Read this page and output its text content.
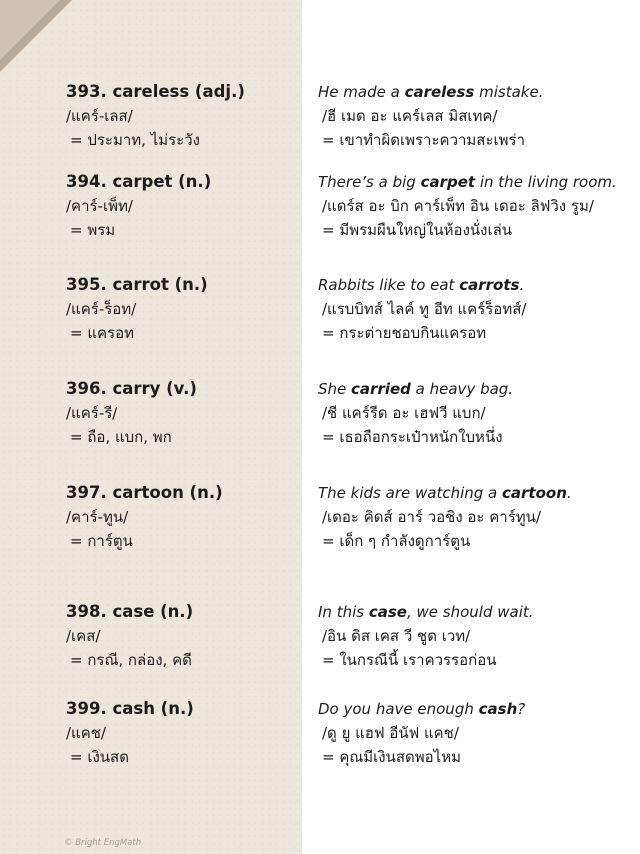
393. careless (adj.)
/แคร์-เลส/
= ประมาท, ไม่ระวัง
He made a careless mistake.
/ฮี เมด อะ แคร์เลส มิสเทค/
= เขาทำผิดเพราะความสะเพร่า
394. carpet (n.)
/คาร์-เพ็ท/
= พรม
There’s a big carpet in the living room.
/แดร์ส อะ บิก คาร์เพ็ท อิน เดอะ ลิฟวิง รูม/
= มีพรมผืนใหญ่ในห้องนั่งเล่น
395. carrot (n.)
/แคร์-ร็อท/
= แครอท
Rabbits like to eat carrots.
/แรบบิทส์ ไลค์ ทู อีท แคร์ร็อทส์/
= กระต่ายชอบกินแครอท
396. carry (v.)
/แคร์-รี/
= ถือ, แบก, พก
She carried a heavy bag.
/ชี แคร์รีด อะ เฮฟวี แบก/
= เธอถือกระเป๋าหนักใบหนึ่ง
397. cartoon (n.)
/คาร์-ทูน/
= การ์ตูน
The kids are watching a cartoon.
/เดอะ คิดส์ อาร์ วอชิง อะ คาร์ทูน/
= เด็ก ๆ กำลังดูการ์ตูน
398. case (n.)
/เคส/
= กรณี, กล่อง, คดี
In this case, we should wait.
/อิน ดิส เคส วี ชูด เวท/
= ในกรณีนี้ เราควรรอก่อน
399. cash (n.)
/แคช/
= เงินสด
Do you have enough cash?
/ดู ยู แฮฟ อีนัฟ แคช/
= คุณมีเงินสดพอไหม
© Bright EngMath
